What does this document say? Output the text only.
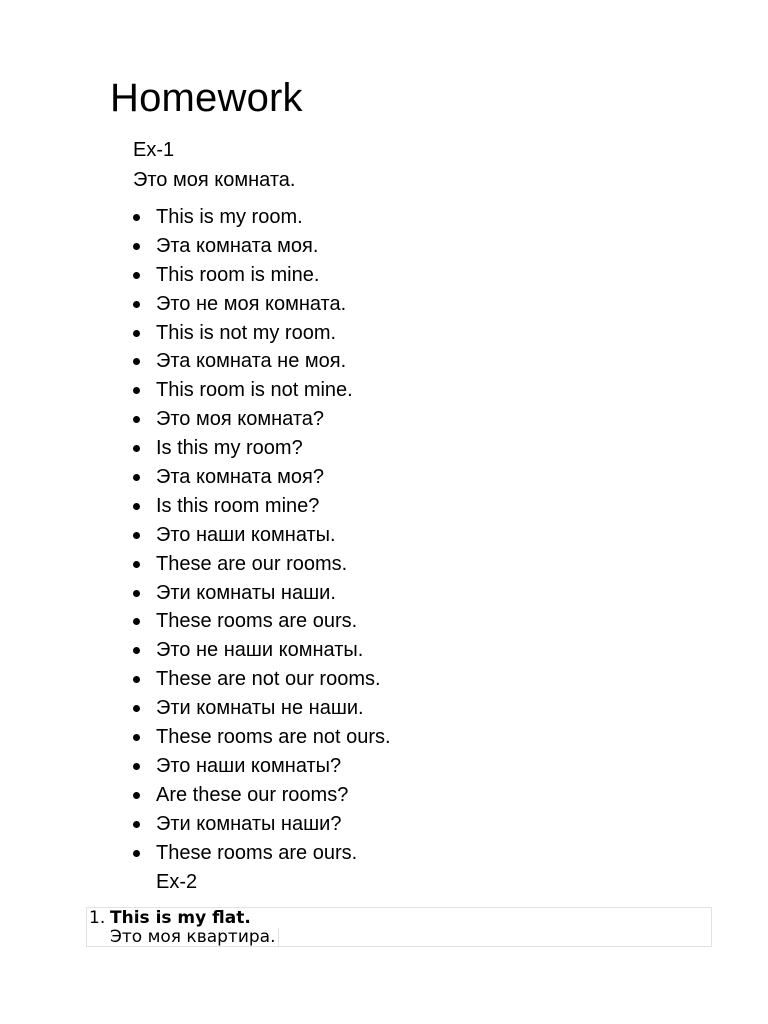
Homework
Ex-1
Это моя комната.
This is my room.
Эта комната моя.
This room is mine.
Это не моя комната.
This is not my room.
Эта комната не моя.
This room is not mine.
Это моя комната?
Is this my room?
Эта комната моя?
Is this room mine?
Это наши комнаты.
These are our rooms.
Эти комнаты наши.
These rooms are ours.
Это не наши комнаты.
These are not our rooms.
Эти комнаты не наши.
These rooms are not ours.
Это наши комнаты?
Are these our rooms?
Эти комнаты наши?
These rooms are ours.
Ex-2
1. This is my flat.
Это моя квартира.
